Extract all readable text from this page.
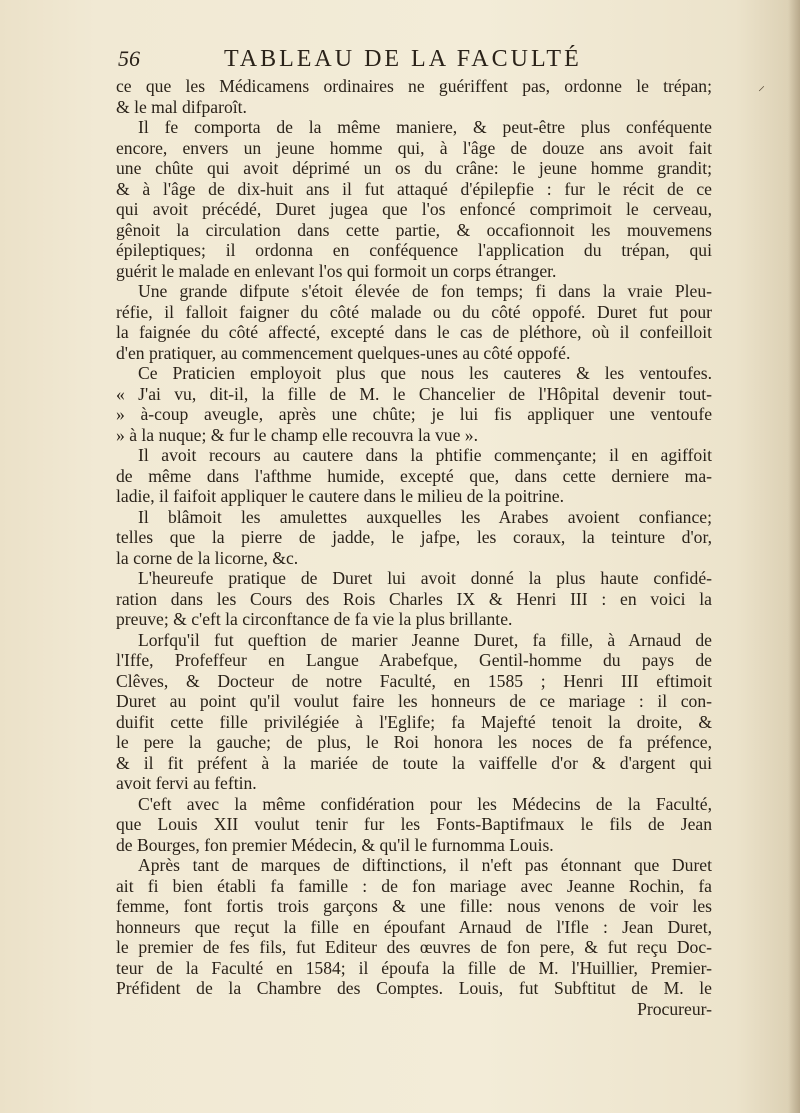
56	TABLEAU DE LA FACULTÉ
⸍
ce que les Médicamens ordinaires ne guériffent pas, ordonne le trépan;
& le mal difparoît.
Il fe comporta de la même maniere, & peut-être plus conféquente
encore, envers un jeune homme qui, à l'âge de douze ans avoit fait
une chûte qui avoit déprimé un os du crâne: le jeune homme grandit;
& à l'âge de dix-huit ans il fut attaqué d'épilepfie : fur le récit de ce
qui avoit précédé, Duret jugea que l'os enfoncé comprimoit le cerveau,
gênoit la circulation dans cette partie, & occafionnoit les mouvemens
épileptiques; il ordonna en conféquence l'application du trépan, qui
guérit le malade en enlevant l'os qui formoit un corps étranger.
Une grande difpute s'étoit élevée de fon temps; fi dans la vraie Pleu-
réfie, il falloit faigner du côté malade ou du côté oppofé. Duret fut pour
la faignée du côté affecté, excepté dans le cas de pléthore, où il confeilloit
d'en pratiquer, au commencement quelques-unes au côté oppofé.
Ce Praticien employoit plus que nous les cauteres & les ventoufes.
« J'ai vu, dit-il, la fille de M. le Chancelier de l'Hôpital devenir tout-
» à-coup aveugle, après une chûte; je lui fis appliquer une ventoufe
» à la nuque; & fur le champ elle recouvra la vue ».
Il avoit recours au cautere dans la phtifie commençante; il en agiffoit
de même dans l'afthme humide, excepté que, dans cette derniere ma-
ladie, il faifoit appliquer le cautere dans le milieu de la poitrine.
Il blâmoit les amulettes auxquelles les Arabes avoient confiance;
telles que la pierre de jadde, le jafpe, les coraux, la teinture d'or,
la corne de la licorne, &c.
L'heureufe pratique de Duret lui avoit donné la plus haute confidé-
ration dans les Cours des Rois Charles IX & Henri III : en voici la
preuve; & c'eft la circonftance de fa vie la plus brillante.
Lorfqu'il fut queftion de marier Jeanne Duret, fa fille, à Arnaud de
l'Iffe, Profeffeur en Langue Arabefque, Gentil-homme du pays de
Clêves, & Docteur de notre Faculté, en 1585 ; Henri III eftimoit
Duret au point qu'il voulut faire les honneurs de ce mariage : il con-
duifit cette fille privilégiée à l'Eglife; fa Majefté tenoit la droite, &
le pere la gauche; de plus, le Roi honora les noces de fa préfence,
& il fit préfent à la mariée de toute la vaiffelle d'or & d'argent qui
avoit fervi au feftin.
C'eft avec la même confidération pour les Médecins de la Faculté,
que Louis XII voulut tenir fur les Fonts-Baptifmaux le fils de Jean
de Bourges, fon premier Médecin, & qu'il le furnomma Louis.
Après tant de marques de diftinctions, il n'eft pas étonnant que Duret
ait fi bien établi fa famille : de fon mariage avec Jeanne Rochin, fa
femme, font fortis trois garçons & une fille: nous venons de voir les
honneurs que reçut la fille en époufant Arnaud de l'Ifle : Jean Duret,
le premier de fes fils, fut Editeur des œuvres de fon pere, & fut reçu Doc-
teur de la Faculté en 1584; il époufa la fille de M. l'Huillier, Premier-
Préfident de la Chambre des Comptes. Louis, fut Subftitut de M. le
Procureur-
